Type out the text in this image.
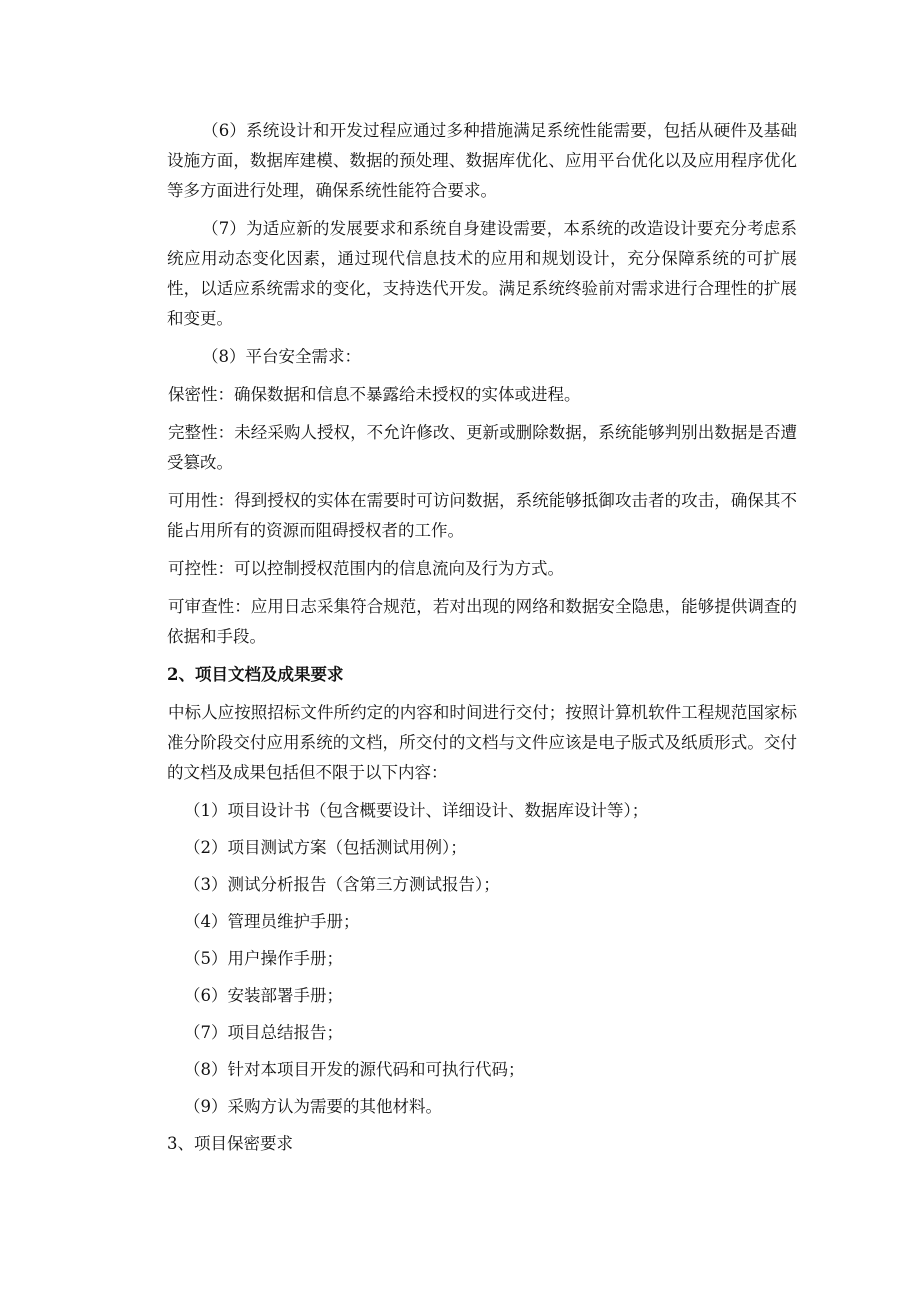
（6）系统设计和开发过程应通过多种措施满足系统性能需要，包括从硬件及基础设施方面，数据库建模、数据的预处理、数据库优化、应用平台优化以及应用程序优化等多方面进行处理，确保系统性能符合要求。

（7）为适应新的发展要求和系统自身建设需要，本系统的改造设计要充分考虑系统应用动态变化因素，通过现代信息技术的应用和规划设计，充分保障系统的可扩展性，以适应系统需求的变化，支持迭代开发。满足系统终验前对需求进行合理性的扩展和变更。

（8）平台安全需求：

保密性：确保数据和信息不暴露给未授权的实体或进程。

完整性：未经采购人授权，不允许修改、更新或删除数据，系统能够判别出数据是否遭受篡改。

可用性：得到授权的实体在需要时可访问数据，系统能够抵御攻击者的攻击，确保其不能占用所有的资源而阻碍授权者的工作。

可控性：可以控制授权范围内的信息流向及行为方式。

可审查性：应用日志采集符合规范，若对出现的网络和数据安全隐患，能够提供调查的依据和手段。

2、项目文档及成果要求

中标人应按照招标文件所约定的内容和时间进行交付；按照计算机软件工程规范国家标准分阶段交付应用系统的文档，所交付的文档与文件应该是电子版式及纸质形式。交付的文档及成果包括但不限于以下内容：

（1）项目设计书（包含概要设计、详细设计、数据库设计等）；

（2）项目测试方案（包括测试用例）；

（3）测试分析报告（含第三方测试报告）；

（4）管理员维护手册；

（5）用户操作手册；

（6）安装部署手册；

（7）项目总结报告；

（8）针对本项目开发的源代码和可执行代码；

（9）采购方认为需要的其他材料。

3、项目保密要求
